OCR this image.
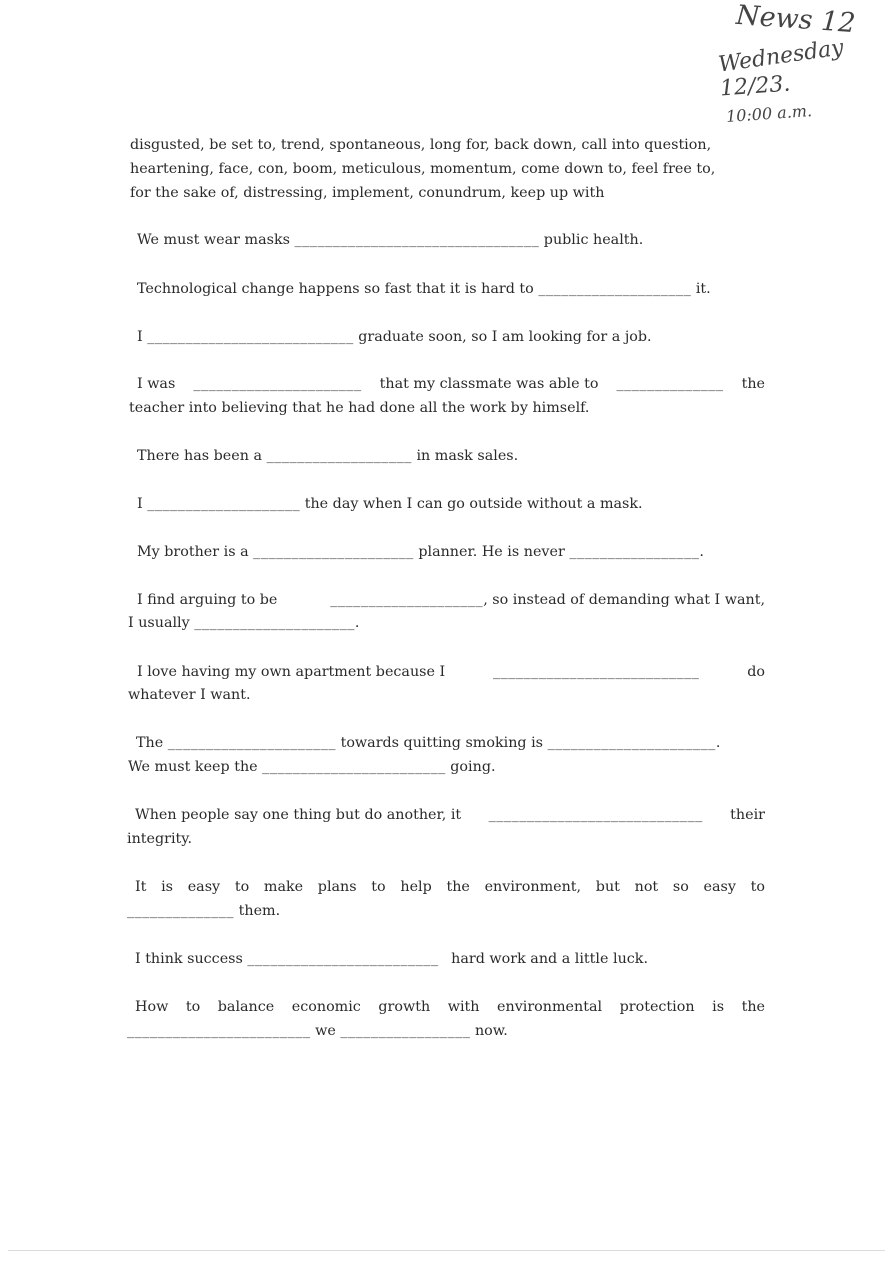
News 12
Wednesday
12/23.
10:00 a.m.
disgusted, be set to, trend, spontaneous, long for, back down, call into question,
heartening, face, con, boom, meticulous, momentum, come down to, feel free to,
for the sake of, distressing, implement, conundrum, keep up with
We must wear masks ________________________________ public health.
Technological change happens so fast that it is hard to ____________________ it.
I ___________________________ graduate soon, so I am looking for a job.
I was ______________________ that my classmate was able to ______________ the
teacher into believing that he had done all the work by himself.
There has been a ___________________ in mask sales.
I ____________________ the day when I can go outside without a mask.
My brother is a _____________________ planner. He is never _________________.
I find arguing to be	____________________, so instead of demanding what I want,
I usually _____________________.
I love having my own apartment because I	___________________________	do
whatever I want.
The ______________________ towards quitting smoking is ______________________.
We must keep the ________________________ going.
When people say one thing but do another, it ____________________________ their
integrity.
It is easy to make plans to help the environment, but not so easy to
______________ them.
I think success _________________________ hard work and a little luck.
How to balance economic growth with environmental protection is the
________________________ we _________________ now.
